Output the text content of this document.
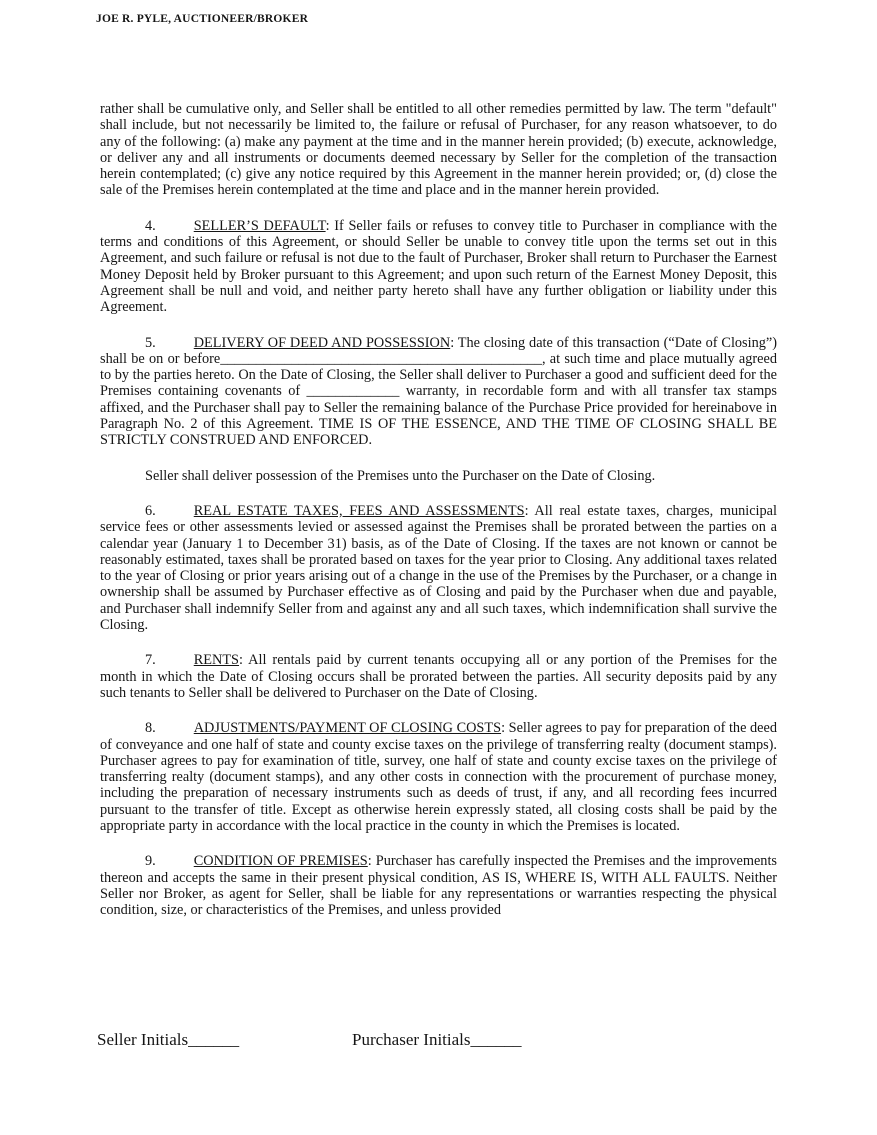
JOE R. PYLE, AUCTIONEER/BROKER

rather shall be cumulative only, and Seller shall be entitled to all other remedies permitted by law. The term "default" shall include, but not necessarily be limited to, the failure or refusal of Purchaser, for any reason whatsoever, to do any of the following: (a) make any payment at the time and in the manner herein provided; (b) execute, acknowledge, or deliver any and all instruments or documents deemed necessary by Seller for the completion of the transaction herein contemplated; (c) give any notice required by this Agreement in the manner herein provided; or, (d) close the sale of the Premises herein contemplated at the time and place and in the manner herein provided.

4.	SELLER’S DEFAULT: If Seller fails or refuses to convey title to Purchaser in compliance with the terms and conditions of this Agreement, or should Seller be unable to convey title upon the terms set out in this Agreement, and such failure or refusal is not due to the fault of Purchaser, Broker shall return to Purchaser the Earnest Money Deposit held by Broker pursuant to this Agreement; and upon such return of the Earnest Money Deposit, this Agreement shall be null and void, and neither party hereto shall have any further obligation or liability under this Agreement.

5.	DELIVERY OF DEED AND POSSESSION: The closing date of this transaction (“Date of Closing”) shall be on or before_____________________________________________, at such time and place mutually agreed to by the parties hereto. On the Date of Closing, the Seller shall deliver to Purchaser a good and sufficient deed for the Premises containing covenants of _____________ warranty, in recordable form and with all transfer tax stamps affixed, and the Purchaser shall pay to Seller the remaining balance of the Purchase Price provided for hereinabove in Paragraph No. 2 of this Agreement. TIME IS OF THE ESSENCE, AND THE TIME OF CLOSING SHALL BE STRICTLY CONSTRUED AND ENFORCED.

Seller shall deliver possession of the Premises unto the Purchaser on the Date of Closing.

6.	REAL ESTATE TAXES, FEES AND ASSESSMENTS: All real estate taxes, charges, municipal service fees or other assessments levied or assessed against the Premises shall be prorated between the parties on a calendar year (January 1 to December 31) basis, as of the Date of Closing. If the taxes are not known or cannot be reasonably estimated, taxes shall be prorated based on taxes for the year prior to Closing. Any additional taxes related to the year of Closing or prior years arising out of a change in the use of the Premises by the Purchaser, or a change in ownership shall be assumed by Purchaser effective as of Closing and paid by the Purchaser when due and payable, and Purchaser shall indemnify Seller from and against any and all such taxes, which indemnification shall survive the Closing.

7.	RENTS: All rentals paid by current tenants occupying all or any portion of the Premises for the month in which the Date of Closing occurs shall be prorated between the parties. All security deposits paid by any such tenants to Seller shall be delivered to Purchaser on the Date of Closing.

8.	ADJUSTMENTS/PAYMENT OF CLOSING COSTS: Seller agrees to pay for preparation of the deed of conveyance and one half of state and county excise taxes on the privilege of transferring realty (document stamps). Purchaser agrees to pay for examination of title, survey, one half of state and county excise taxes on the privilege of transferring realty (document stamps), and any other costs in connection with the procurement of purchase money, including the preparation of necessary instruments such as deeds of trust, if any, and all recording fees incurred pursuant to the transfer of title. Except as otherwise herein expressly stated, all closing costs shall be paid by the appropriate party in accordance with the local practice in the county in which the Premises is located.

9.	CONDITION OF PREMISES: Purchaser has carefully inspected the Premises and the improvements thereon and accepts the same in their present physical condition, AS IS, WHERE IS, WITH ALL FAULTS. Neither Seller nor Broker, as agent for Seller, shall be liable for any representations or warranties respecting the physical condition, size, or characteristics of the Premises, and unless provided

Seller Initials______	Purchaser Initials______
